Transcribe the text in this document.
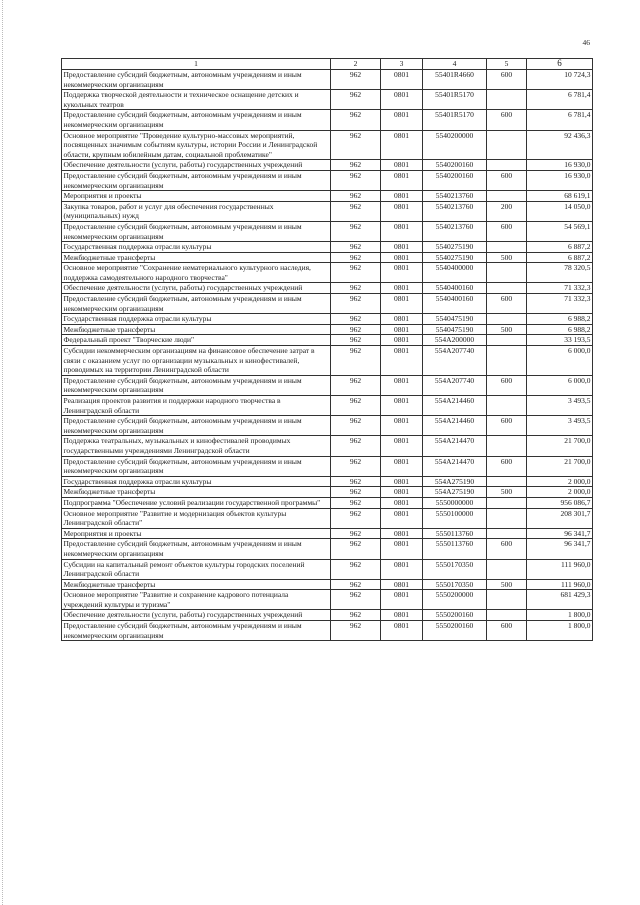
46
1	2	3	4	5	6
Предоставление субсидий бюджетным, автономным учреждениям и иным некоммерческим организациям	962	0801	55401R4660	600	10 724,3
Поддержка творческой деятельности и техническое оснащение детских и кукольных театров	962	0801	55401R5170		6 781,4
Предоставление субсидий бюджетным, автономным учреждениям и иным некоммерческим организациям	962	0801	55401R5170	600	6 781,4
Основное мероприятие "Проведение культурно-массовых мероприятий, посвященных значимым событиям культуры, истории России и Ленинградской области, крупным юбилейным датам, социальной проблематике"	962	0801	5540200000		92 436,3
Обеспечение деятельности (услуги, работы) государственных учреждений	962	0801	5540200160		16 930,0
Предоставление субсидий бюджетным, автономным учреждениям и иным некоммерческим организациям	962	0801	5540200160	600	16 930,0
Мероприятия и проекты	962	0801	5540213760		68 619,1
Закупка товаров, работ и услуг для обеспечения государственных (муниципальных) нужд	962	0801	5540213760	200	14 050,0
Предоставление субсидий бюджетным, автономным учреждениям и иным некоммерческим организациям	962	0801	5540213760	600	54 569,1
Государственная поддержка отрасли культуры	962	0801	5540275190		6 887,2
Межбюджетные трансферты	962	0801	5540275190	500	6 887,2
Основное мероприятие "Сохранение нематериального культурного наследия, поддержка самодеятельного народного творчества"	962	0801	5540400000		78 320,5
Обеспечение деятельности (услуги, работы) государственных учреждений	962	0801	5540400160		71 332,3
Предоставление субсидий бюджетным, автономным учреждениям и иным некоммерческим организациям	962	0801	5540400160	600	71 332,3
Государственная поддержка отрасли культуры	962	0801	5540475190		6 988,2
Межбюджетные трансферты	962	0801	5540475190	500	6 988,2
Федеральный проект "Творческие люди"	962	0801	554A200000		33 193,5
Субсидии некоммерческим организациям на финансовое обеспечение затрат в связи с оказанием услуг по организации музыкальных и кинофестивалей, проводимых на территории Ленинградской области	962	0801	554A207740		6 000,0
Предоставление субсидий бюджетным, автономным учреждениям и иным некоммерческим организациям	962	0801	554A207740	600	6 000,0
Реализация проектов развития и поддержки народного творчества в Ленинградской области	962	0801	554A214460		3 493,5
Предоставление субсидий бюджетным, автономным учреждениям и иным некоммерческим организациям	962	0801	554A214460	600	3 493,5
Поддержка театральных, музыкальных и кинофестивалей проводимых государственными учреждениями Ленинградской области	962	0801	554A214470		21 700,0
Предоставление субсидий бюджетным, автономным учреждениям и иным некоммерческим организациям	962	0801	554A214470	600	21 700,0
Государственная поддержка отрасли культуры	962	0801	554A275190		2 000,0
Межбюджетные трансферты	962	0801	554A275190	500	2 000,0
Подпрограмма "Обеспечение условий реализации государственной программы"	962	0801	5550000000		956 086,7
Основное мероприятие "Развитие и модернизация объектов культуры Ленинградской области"	962	0801	5550100000		208 301,7
Мероприятия и проекты	962	0801	5550113760		96 341,7
Предоставление субсидий бюджетным, автономным учреждениям и иным некоммерческим организациям	962	0801	5550113760	600	96 341,7
Субсидии на капитальный ремонт объектов культуры городских поселений Ленинградской области	962	0801	5550170350		111 960,0
Межбюджетные трансферты	962	0801	5550170350	500	111 960,0
Основное мероприятие "Развитие и сохранение кадрового потенциала учреждений культуры и туризма"	962	0801	5550200000		681 429,3
Обеспечение деятельности (услуги, работы) государственных учреждений	962	0801	5550200160		1 800,0
Предоставление субсидий бюджетным, автономным учреждениям и иным некоммерческим организациям	962	0801	5550200160	600	1 800,0
